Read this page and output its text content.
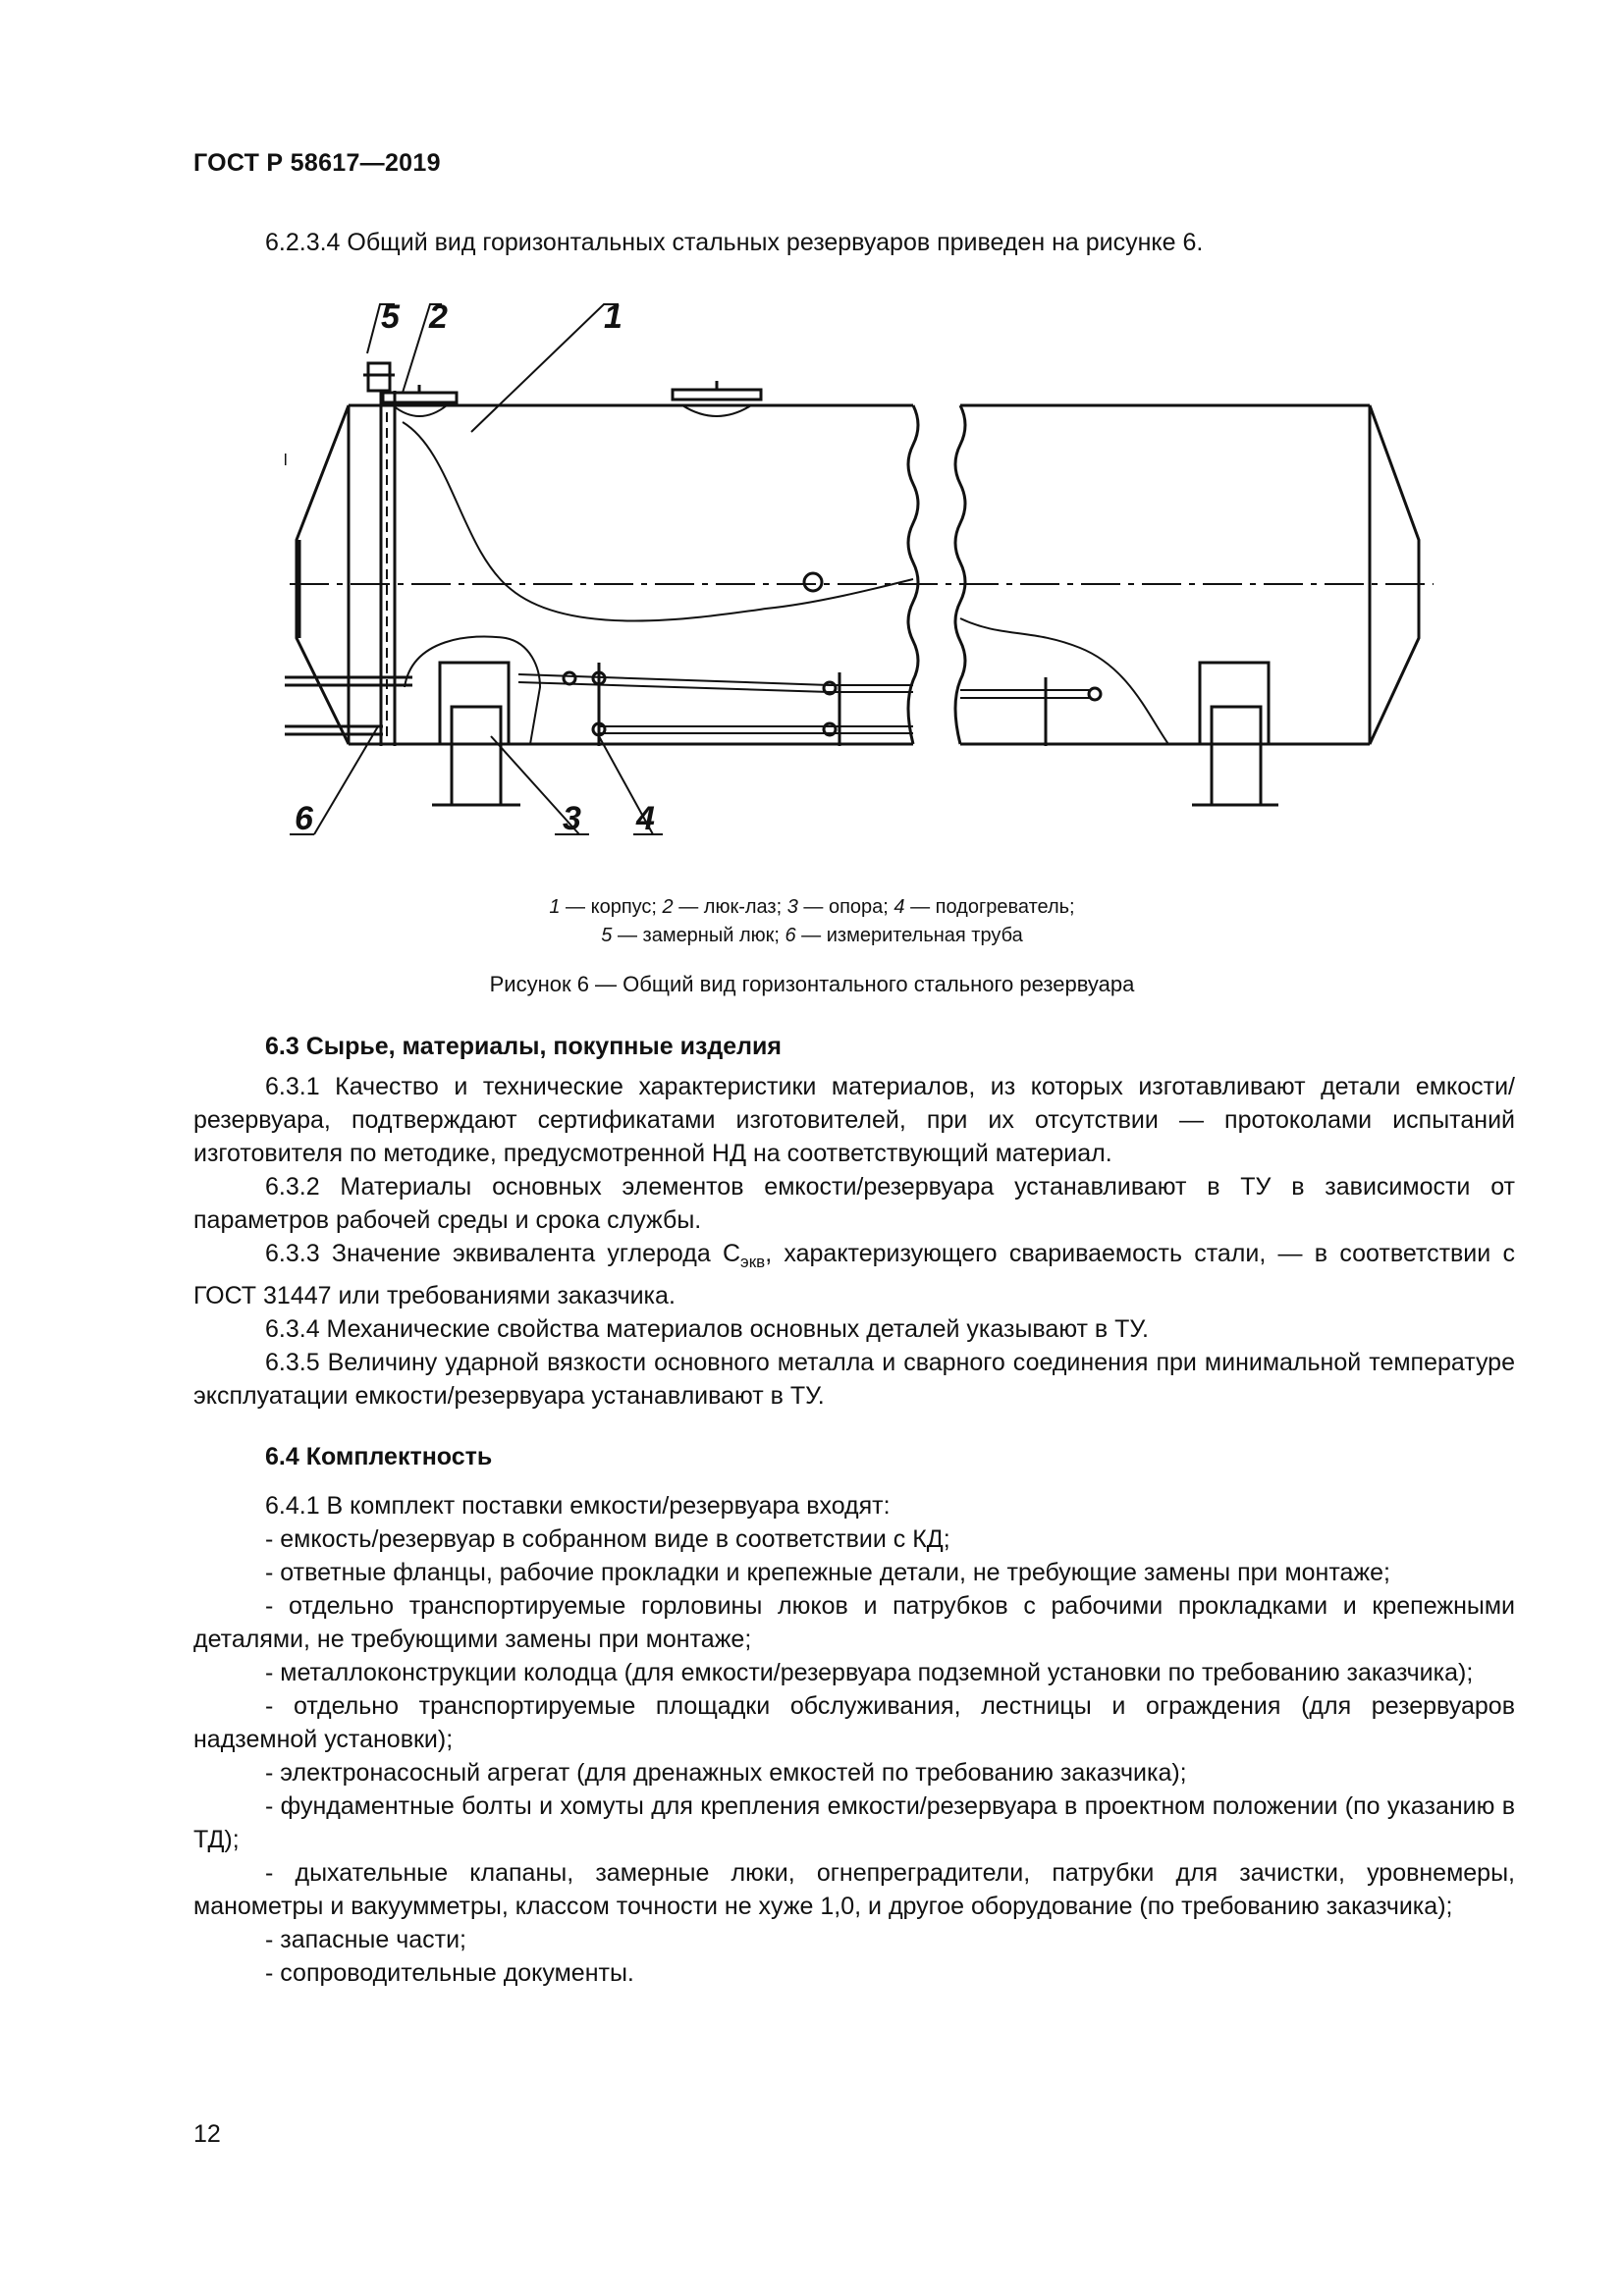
ГОСТ Р 58617—2019
6.2.3.4 Общий вид горизонтальных стальных резервуаров приведен на рисунке 6.
5 2	1
6	3 4
1 — корпус; 2 — люк-лаз; 3 — опора; 4 — подогреватель;
5 — замерный люк; 6 — измерительная труба
Рисунок 6 — Общий вид горизонтального стального резервуара
6.3 Сырье, материалы, покупные изделия

6.3.1 Качество и технические характеристики материалов, из которых изготавливают детали емкости/резервуара, подтверждают сертификатами изготовителей, при их отсутствии — протоколами испытаний изготовителя по методике, предусмотренной НД на соответствующий материал.

6.3.2 Материалы основных элементов емкости/резервуара устанавливают в ТУ в зависимости от параметров рабочей среды и срока службы.

6.3.3 Значение эквивалента углерода $С_{экв}$, характеризующего свариваемость стали, — в соответствии с ГОСТ 31447 или требованиями заказчика.

6.3.4 Механические свойства материалов основных деталей указывают в ТУ.

6.3.5 Величину ударной вязкости основного металла и сварного соединения при минимальной температуре эксплуатации емкости/резервуара устанавливают в ТУ.

6.4 Комплектность

6.4.1 В комплект поставки емкости/резервуара входят:

- емкость/резервуар в собранном виде в соответствии с КД;

- ответные фланцы, рабочие прокладки и крепежные детали, не требующие замены при монтаже;

- отдельно транспортируемые горловины люков и патрубков с рабочими прокладками и крепежными деталями, не требующими замены при монтаже;

- металлоконструкции колодца (для емкости/резервуара подземной установки по требованию заказчика);

- отдельно транспортируемые площадки обслуживания, лестницы и ограждения (для резервуаров надземной установки);

- электронасосный агрегат (для дренажных емкостей по требованию заказчика);

- фундаментные болты и хомуты для крепления емкости/резервуара в проектном положении (по указанию в ТД);

- дыхательные клапаны, замерные люки, огнепреградители, патрубки для зачистки, уровнемеры, манометры и вакуумметры, классом точности не хуже 1,0, и другое оборудование (по требованию заказчика);

- запасные части;

- сопроводительные документы.

12
